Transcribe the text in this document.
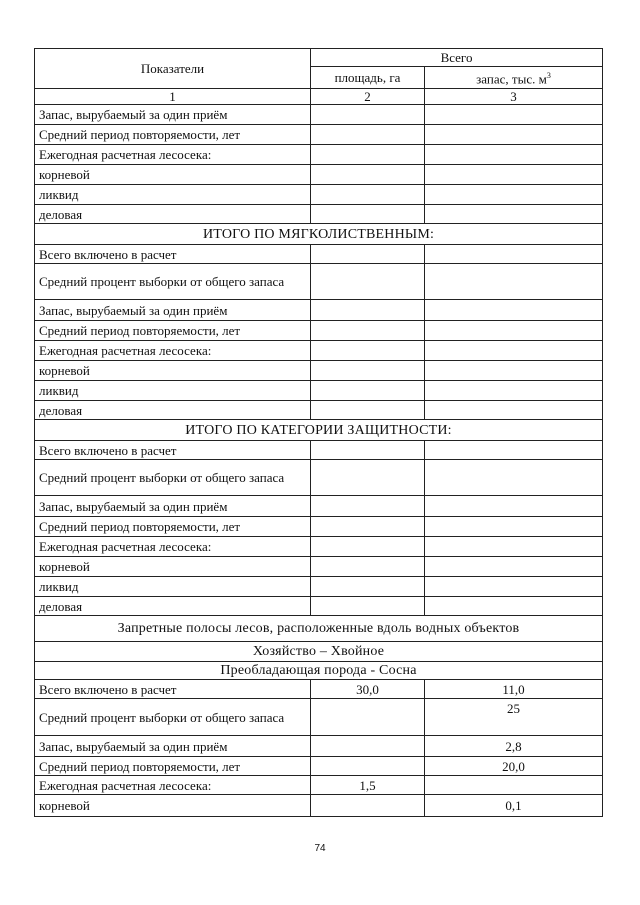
Показатели	Всего	
	площадь, га	запас, тыс. $м^3$
1	2	3
Запас, вырубаемый за один приём		
Средний период повторяемости, лет		
Ежегодная расчетная лесосека:		
корневой		
ликвид		
деловая		
ИТОГО ПО МЯГКОЛИСТВЕННЫМ:		
Всего включено в расчет		
Средний процент выборки от общего запаса		
Запас, вырубаемый за один приём		
Средний период повторяемости, лет		
Ежегодная расчетная лесосека:		
корневой		
ликвид		
деловая		
ИТОГО ПО КАТЕГОРИИ ЗАЩИТНОСТИ:		
Всего включено в расчет		
Средний процент выборки от общего запаса		
Запас, вырубаемый за один приём		
Средний период повторяемости, лет		
Ежегодная расчетная лесосека:		
корневой		
ликвид		
деловая		
Запретные полосы лесов, расположенные вдоль водных объектов		
Хозяйство – Хвойное		
Преобладающая порода - Сосна		
Всего включено в расчет	30,0	11,0
Средний процент выборки от общего запаса		25
Запас, вырубаемый за один приём		2,8
Средний период повторяемости, лет		20,0
Ежегодная расчетная лесосека:	1,5	
корневой		0,1
74
